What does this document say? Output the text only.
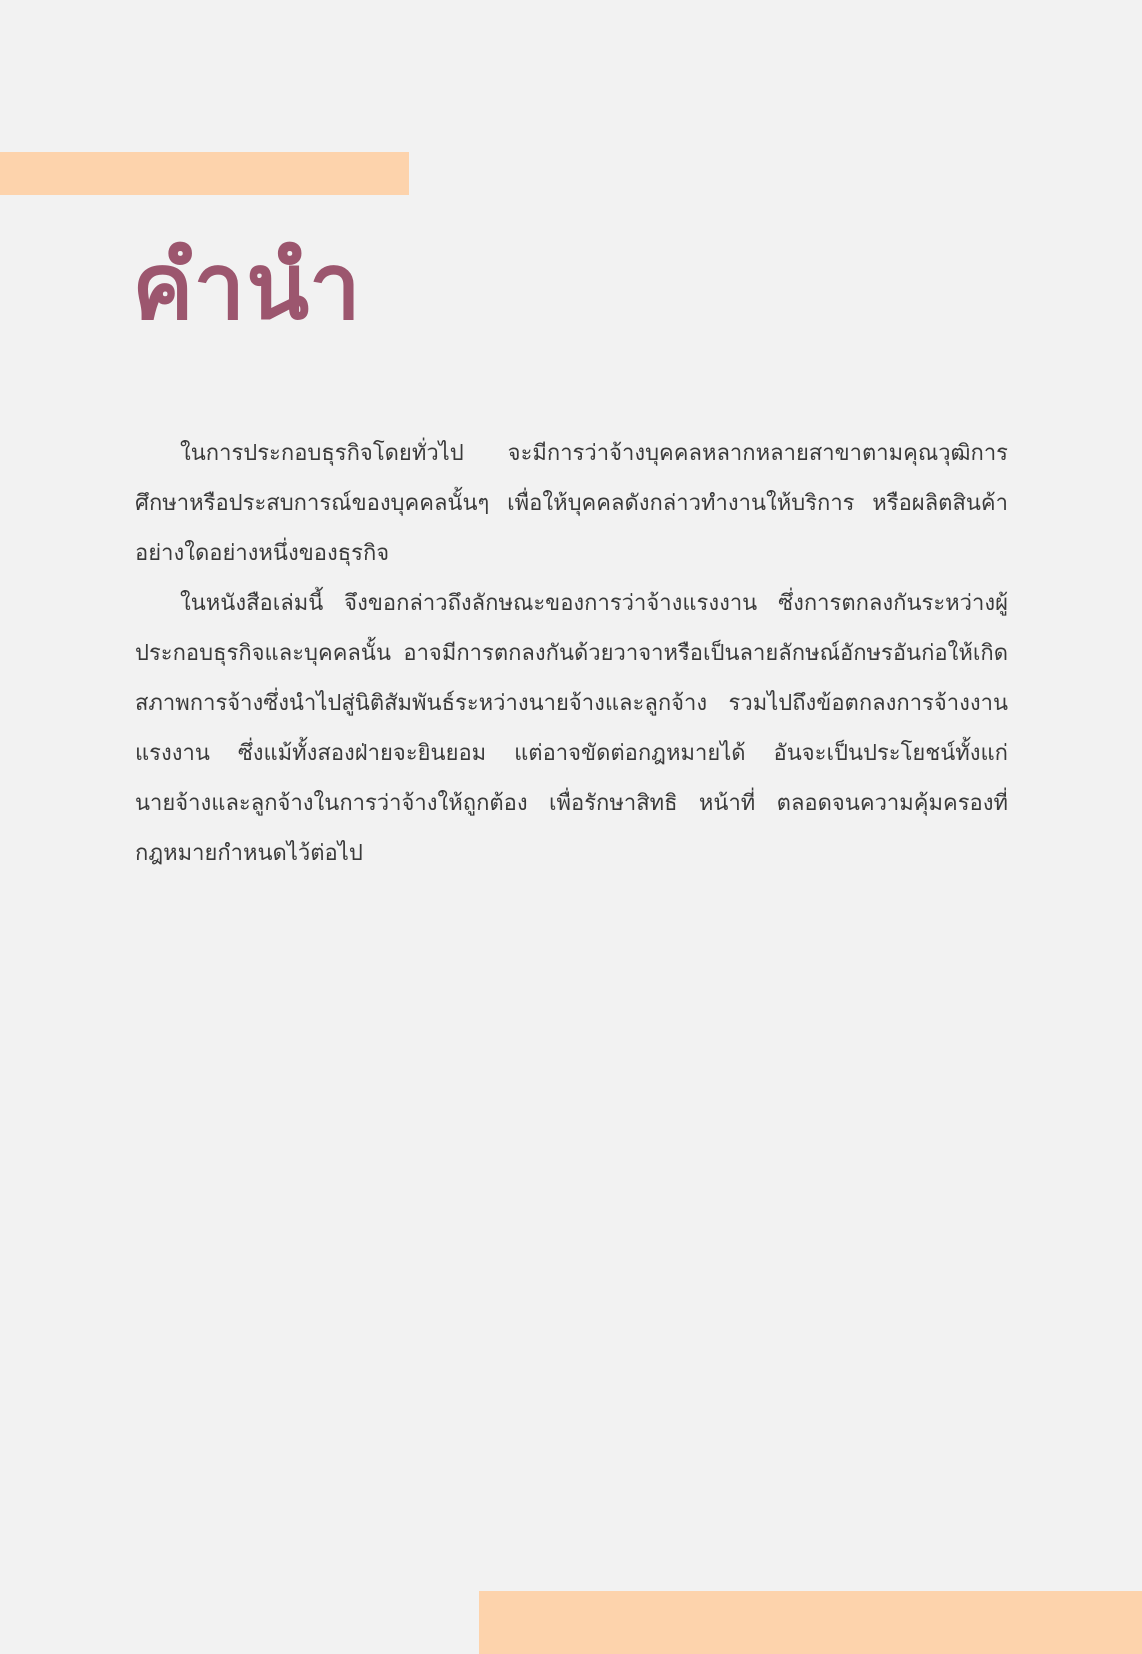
คำนำ

ในการประกอบธุรกิจโดยทั่วไป จะมีการว่าจ้างบุคคลหลากหลายสาขาตามคุณวุฒิการศึกษาหรือประสบการณ์ของบุคคลนั้นๆ เพื่อให้บุคคลดังกล่าวทำงานให้บริการ หรือผลิตสินค้าอย่างใดอย่างหนึ่งของธุรกิจ

ในหนังสือเล่มนี้ จึงขอกล่าวถึงลักษณะของการว่าจ้างแรงงาน ซึ่งการตกลงกันระหว่างผู้ประกอบธุรกิจและบุคคลนั้น อาจมีการตกลงกันด้วยวาจาหรือเป็นลายลักษณ์อักษรอันก่อให้เกิดสภาพการจ้างซึ่งนำไปสู่นิติสัมพันธ์ระหว่างนายจ้างและลูกจ้าง รวมไปถึงข้อตกลงการจ้างงานแรงงาน ซึ่งแม้ทั้งสองฝ่ายจะยินยอม แต่อาจขัดต่อกฎหมายได้ อันจะเป็นประโยชน์ทั้งแก่นายจ้างและลูกจ้างในการว่าจ้างให้ถูกต้อง เพื่อรักษาสิทธิ หน้าที่ ตลอดจนความคุ้มครองที่กฎหมายกำหนดไว้ต่อไป
